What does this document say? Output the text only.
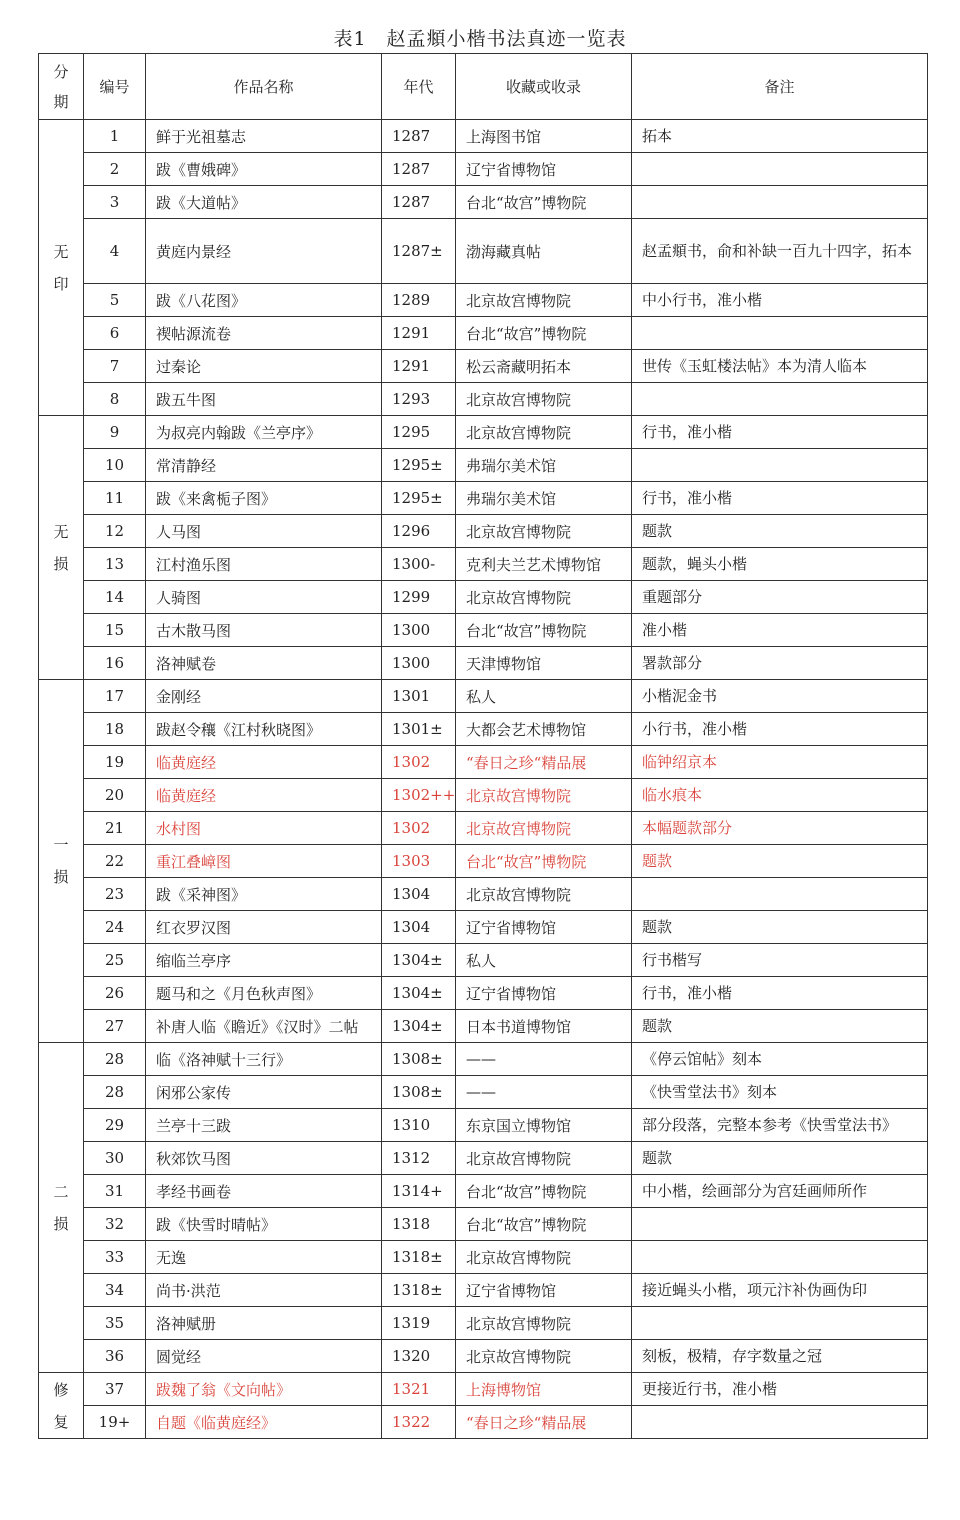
表1　赵孟頫小楷书法真迹一览表
分期	编号	作品名称	年代	收藏或收录	备注
无印	1	鲜于光祖墓志	1287	上海图书馆	拓本
	2	跋《曹娥碑》	1287	辽宁省博物馆	
	3	跋《大道帖》	1287	台北“故宫”博物院	
	4	黄庭内景经	1287±	渤海藏真帖	赵孟頫书，俞和补缺一百九十四字，拓本
	5	跋《八花图》	1289	北京故宫博物院	中小行书，准小楷
	6	禊帖源流卷	1291	台北“故宫”博物院	
	7	过秦论	1291	松云斋藏明拓本	世传《玉虹楼法帖》本为清人临本
	8	跋五牛图	1293	北京故宫博物院	
无损	9	为叔亮内翰跋《兰亭序》	1295	北京故宫博物院	行书，准小楷
	10	常清静经	1295±	弗瑞尔美术馆	
	11	跋《来禽栀子图》	1295±	弗瑞尔美术馆	行书，准小楷
	12	人马图	1296	北京故宫博物院	题款
	13	江村渔乐图	1300-	克利夫兰艺术博物馆	题款，蝇头小楷
	14	人骑图	1299	北京故宫博物院	重题部分
	15	古木散马图	1300	台北“故宫”博物院	准小楷
	16	洛神赋卷	1300	天津博物馆	署款部分
一损	17	金刚经	1301	私人	小楷泥金书
	18	跋赵令穰《江村秋晓图》	1301±	大都会艺术博物馆	小行书，准小楷
	19	临黄庭经	1302	“春日之珍“精品展	临钟绍京本
	20	临黄庭经	1302++	北京故宫博物院	临水痕本
	21	水村图	1302	北京故宫博物院	本幅题款部分
	22	重江叠嶂图	1303	台北“故宫”博物院	题款
	23	跋《采神图》	1304	北京故宫博物院	
	24	红衣罗汉图	1304	辽宁省博物馆	题款
	25	缩临兰亭序	1304±	私人	行书楷写
	26	题马和之《月色秋声图》	1304±	辽宁省博物馆	行书，准小楷
	27	补唐人临《瞻近》《汉时》二帖	1304±	日本书道博物馆	题款
二损	28	临《洛神赋十三行》	1308±	——	《停云馆帖》刻本
	28	闲邪公家传	1308±	——	《快雪堂法书》刻本
	29	兰亭十三跋	1310	东京国立博物馆	部分段落，完整本参考《快雪堂法书》
	30	秋郊饮马图	1312	北京故宫博物院	题款
	31	孝经书画卷	1314+	台北“故宫”博物院	中小楷，绘画部分为宫廷画师所作
	32	跋《快雪时晴帖》	1318	台北“故宫”博物院	
	33	无逸	1318±	北京故宫博物院	
	34	尚书·洪范	1318±	辽宁省博物馆	接近蝇头小楷，项元汴补伪画伪印
	35	洛神赋册	1319	北京故宫博物院	
	36	圆觉经	1320	北京故宫博物院	刻板，极精，存字数量之冠
修复	37	跋魏了翁《文向帖》	1321	上海博物馆	更接近行书，准小楷
	19+	自题《临黄庭经》	1322	“春日之珍“精品展	
